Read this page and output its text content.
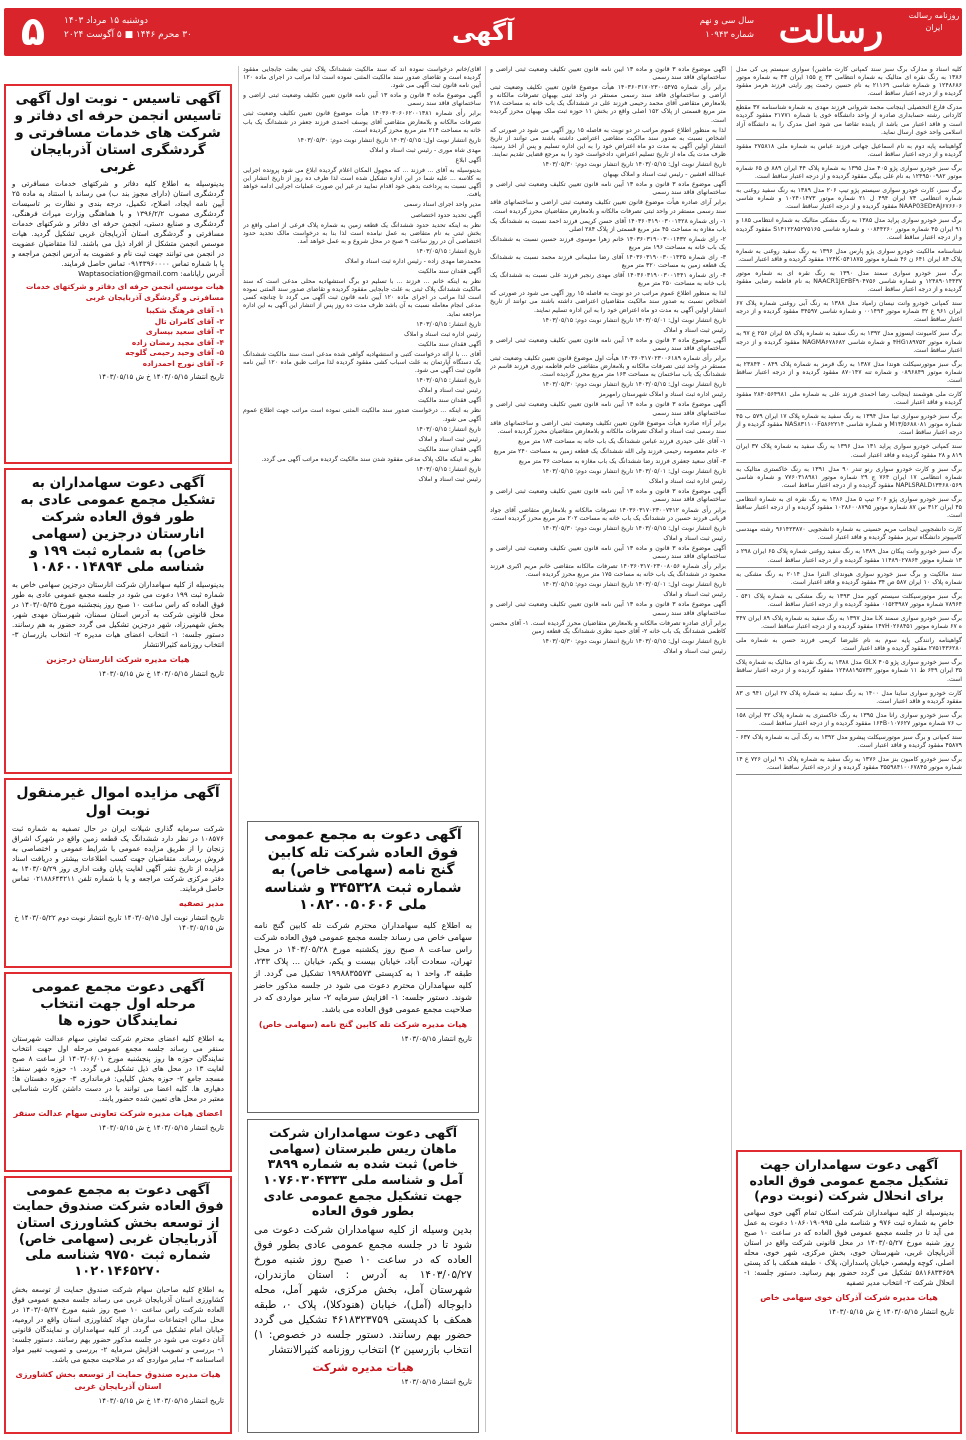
روزنامه رسالت ایران
رسالت
سال سی و نهم
شماره ۱۰۹۴۳
آگهی
دوشنبه ۱۵ مرداد ۱۴۰۳
۳۰ محرم ۱۴۴۶ ■ ۵ آگوست ۲۰۲۴
۵

کلیه اسناد و مدارک برگ سبز سند کمپانی کارت ماشین) سواری سیستم پی کی مدل ۱۳۸۶ به رنگ نقره ای متالیک به شماره انتظامی ۳۳ ج ۱۵۵ ایران ۴۳ به شماره موتور ۱۲۴۸۶۸۶ و شماره شاسی ۲۱۱۶۹ به نام حسین رحمت پور رایتی فرزند هرمز مفقود گردیده و از درجه اعتبار ساقط است.

مدرک فارغ التحصیلی اینجانب محمد شروانی فرزند مهدی به شماره شناسنامه ۳۷ مقطع کاردانی رشته حسابداری صادره از واحد دانشگاه خوی با شماره ۲۱۷۷۱ مفقود گردیده است و فاقد اعتبار می باشد از یابنده تقاضا می شود اصل مدرک را به دانشگاه آزاد اسلامی واحد خوی ارسال نماید.

گواهینامه پایه دوم به نام اسماعیل جهانی فرزند عباس به شماره ملی ۲۷۵۸۱۸ مفقود گردیده و از درجه اعتبار ساقط است.

برگ سبز خودرو سواری پژو ۴۰۵ مدل ۱۳۹۵ به شماره پلاک ۴۴ ایران ۸۸۹ ق ۶۵ شماره موتور ۱۲۴۹۵۰۰۹۸۲ به نام علی بیگی مفقود گردیده و از درجه اعتبار ساقط است.

برگ سبز، کارت خودرو سواری سیستم پژو تیپ ۲۰۶ مدل ۱۳۸۹ به رنگ سفید روغنی به شماره انتظامی ۷۳ ایران ۴۹۴ ل ۲۱ شماره موتور ۱۰۲۴۰۱۴۷۳ و شماره شاسی NAAP03ED۴AJ۶۷۶۶۰۶ مفقود گردیده و از درجه اعتبار ساقط است.

برگ سبز خودرو سواری پراید مدل ۱۳۸۵ به رنگ مشکی متالیک به شماره انتظامی ۱۸۵ و ۹۱ ایران ۴۵ شماره موتور ۰۰۸۴۴۲۶۰ و شماره شاسی S۱۴۱۲۲۸۵۲۷۵۱۶۵ مفقود گردیده و از درجه اعتبار ساقط است.

شناسنامه مالکیت خودرو سواری پژو پارس مدل ۱۳۹۶ به رنگ سفید روغنی به شماره پلاک ۸۴ ایران ۶۴۱ ن ۴۶ شماره موتور ۱۲۴K۰۵۴۱۸۷۵ مفقود گردیده و فاقد اعتبار است.

برگ سبز خودرو سواری سمند مدل ۱۳۹۰ به رنگ نقره ای به شماره موتور ۱۲۴۸۹۰۱۴۴۳۷ و شماره شاسی NAACR1JE۳BF۹۰۴۷۵۶ به نام فاطمه رضایی مفقود گردیده و از درجه اعتبار ساقط است.

سند کمپانی خودرو وانت نیسان زامیاد مدل ۱۳۸۸ به رنگ آبی روغنی شماره پلاک ۶۷ ایران ۹۶۱ ع ۳۲ شماره موتور ۰۰۱۴۹۴ و شماره شاسی ۳۴۵۹۷ مفقود گردیده و از درجه اعتبار ساقط است.

برگ سبز کامیونت ایسوزو مدل ۱۳۹۲ به رنگ سفید به شماره پلاک ۵۸ ایران ۲۵۶ ع ۹۷ به شماره موتور ۴HG۱۸۹۷۵۲ و شماره شاسی NAGMA۶۷۸۶۸۲ مفقود گردیده و از درجه اعتبار ساقط است.

برگ سبز موتورسیکلت هوندا مدل ۱۳۸۷ به رنگ قرمز به شماره پلاک ۸۴۹ - ۲۳۸۴۴ به شماره موتور ۰۸۹۶۸۴۹ و شماره تنه ۸۷۰۱۴۷ مفقود گردیده و از درجه اعتبار ساقط است.

کارت ملی هوشمند اینجانب رضا احمدی فرزند علی به شماره ملی ۲۸۴۰۵۶۴۹۸۱ مفقود گردیده و فاقد اعتبار است.

برگ سبز خودرو سواری تیبا مدل ۱۳۹۴ به رنگ سفید به شماره پلاک ۱۷ ایران ۵۷۹ ب ۴۵ شماره موتور M۱۳/۵۶۸۸۰۸۱ و شماره شاسی NAS۸۳۱۱۰۰F۵۸۶۲۲۱۴ مفقود گردیده و از درجه اعتبار ساقط است.

سند کمپانی خودرو سواری پراید ۱۳۱ مدل ۱۳۹۶ به رنگ سفید به شماره پلاک ۳۷ ایران ۸۱۹ و ۲۸ مفقود گردیده و فاقد اعتبار است.

برگ سبز و کارت خودرو سواری رنو تندر ۹۰ مدل ۱۳۹۱ به رنگ خاکستری متالیک به شماره انتظامی ۱۷ ایران ۷۶۴ ج ۲۹ شماره موتور ۷۷۶۰۳۱۸۹۸۱ و شماره شاسی NAPLSRALD۱۳۴۶۸۰۵۶۹ مفقود گردیده و از درجه اعتبار ساقط است.

برگ سبز خودرو سواری پژو ۲۰۶ تیپ ۵ مدل ۱۳۸۶ به رنگ نقره ای به شماره انتظامی ۴۵ ایران ۳۱۲ س ۸۷ شماره موتور ۱۰۲۸۶۰۰۸۷۹۵ مفقود گردیده و از درجه اعتبار ساقط است.

کارت دانشجویی اینجانب مریم حسینی به شماره دانشجویی ۹۶۱۴۲۳۸۷۰ رشته مهندسی کامپیوتر دانشگاه تبریز مفقود گردیده و فاقد اعتبار است.

برگ سبز خودرو وانت پیکان مدل ۱۳۸۹ به رنگ سفید روغنی شماره پلاک ۶۵ ایران ۲۹۸ د ۱۳ شماره موتور ۱۱۴۸۹۰۲۷۸۶۴ مفقود گردیده و از درجه اعتبار ساقط است.

سند مالکیت و برگ سبز خودرو سواری هیوندای النترا مدل ۲۰۱۴ به رنگ مشکی به شماره پلاک ۱۰ ایران ۵۸۷ ص ۳۴ مفقود گردیده و فاقد اعتبار است.

برگ سبز موتورسیکلت سیستم کویر مدل ۱۳۹۳ به رنگ مشکی به شماره پلاک ۵۴۱ - ۷۸۹۶۴ شماره موتور ۰۱۵۲۳۹۸۷ مفقود گردیده و از درجه اعتبار ساقط است.

برگ سبز خودرو سواری سمند LX مدل ۱۳۹۷ به رنگ سفید به شماره پلاک ۸۹ ایران ۳۴۷ ه ۶۷ شماره موتور ۱۴۷H۰۲۶۸۴۵۱ مفقود گردیده و از درجه اعتبار ساقط است.

گواهینامه رانندگی پایه سوم به نام علیرضا کریمی فرزند حسن به شماره ملی ۲۷۵۱۴۳۶۲۸۰ مفقود گردیده و فاقد اعتبار است.

برگ سبز خودرو سواری پژو ۴۰۵ GLX مدل ۱۳۸۸ به رنگ نقره ای متالیک به شماره پلاک ۳۵ ایران ۶۴۹ ط ۱۱ شماره موتور ۱۲۴۸۸۱۹۵۷۳۲ مفقود گردیده و از درجه اعتبار ساقط است.

کارت خودرو سواری ساینا مدل ۱۴۰۰ به رنگ سفید به شماره پلاک ۲۷ ایران ۹۴۱ ی ۸۳ مفقود گردیده و فاقد اعتبار است.

برگ سبز خودرو سواری رانا مدل ۱۳۹۵ به رنگ خاکستری به شماره پلاک ۴۲ ایران ۱۵۸ ب ۷۶ شماره موتور ۱۶۴B۰۱۰۷۶۲۷ مفقود گردیده و از درجه اعتبار ساقط است.

سند کمپانی و برگ سبز موتورسیکلت پیشرو مدل ۱۳۹۲ به رنگ آبی به شماره پلاک ۶۳۷ - ۴۵۸۷۹ مفقود گردیده و فاقد اعتبار است.

برگ سبز خودرو کامیون بنز مدل ۱۳۷۶ به رنگ سفید به شماره پلاک ۹۱ ایران ۷۲۶ ع ۱۴ شماره موتور ۳۵۵۹۸۴۱۰۰۶۷۸۴۵ مفقود گردیده و از درجه اعتبار ساقط است.

آگهی دعوت سهامداران جهت تشکیل مجمع عمومی فوق العاده برای انحلال شرکت (نوبت دوم)
بدینوسیله از کلیه سهامداران شرکت اسکان تمام آگهی خوی سهامی خاص به شماره ثبت ۹۷۶ و شناسه ملی ۱۰۸۶۰۱۹۰۹۹۵ دعوت به عمل می آید تا در جلسه مجمع عمومی فوق العاده که در ساعت ۱۰ صبح روز شنبه مورخ ۱۴۰۳/۰۵/۲۷ در محل قانونی شرکت واقع در استان آذربایجان غربی، شهرستان خوی، بخش مرکزی، شهر خوی، محله اصلی، کوچه ولیعصر، خیابان پاسداران، پلاک ۰ طبقه همکف با کد پستی ۵۸۱۶۸۳۳۶۵۹ تشکیل می گردد حضور بهم رسانید. دستور جلسه: ۱- انحلال شرکت ۲- انتخاب مدیر تصفیه
هیات مدیره شرکت آذرکان خوی سهامی خاص
تاریخ انتشار ۱۴۰۳/۰۵/۱۵ خ ش ۱۴۰۳/۰۵/۱۵

آگهی موضوع ماده ۳ قانون و ماده ۱۳ آیین نامه قانون تعیین تکلیف وضعیت ثبتی اراضی و ساختمانهای فاقد سند رسمی

برابر رأی شماره ۱۴۰۳۶۰۳۱۷۰۲۳۰۰۵۴۷۵ هیأت موضوع قانون تعیین تکلیف وضعیت ثبتی اراضی و ساختمانهای فاقد سند رسمی مستقر در واحد ثبتی بهبهان تصرفات مالکانه و بلامعارض متقاضی آقای محمد رحیمی فرزند علی در ششدانگ یک باب خانه به مساحت ۲۱۸ متر مربع قسمتی از پلاک ۱۵۲ اصلی واقع در بخش ۱۱ حوزه ثبت ملک بهبهان محرز گردیده است.

لذا به منظور اطلاع عموم مراتب در دو نوبت به فاصله ۱۵ روز آگهی می شود در صورتی که اشخاص نسبت به صدور سند مالکیت متقاضی اعتراضی داشته باشند می توانند از تاریخ انتشار اولین آگهی به مدت دو ماه اعتراض خود را به این اداره تسلیم و پس از اخذ رسید، ظرف مدت یک ماه از تاریخ تسلیم اعتراض، دادخواست خود را به مرجع قضایی تقدیم نمایند.

تاریخ انتشار نوبت اول: ۱۴۰۳/۰۵/۱۵ تاریخ انتشار نوبت دوم: ۱۴۰۳/۰۵/۳۰

عبدالله افشین - رئیس ثبت اسناد و املاک بهبهان

آگهی موضوع ماده ۳ قانون و ماده ۱۳ آیین نامه قانون تعیین تکلیف وضعیت ثبتی اراضی و ساختمانهای فاقد سند رسمی

برابر آرای صادره هیأت موضوع قانون تعیین تکلیف وضعیت ثبتی اراضی و ساختمانهای فاقد سند رسمی مستقر در واحد ثبتی تصرفات مالکانه و بلامعارض متقاضیان محرز گردیده است.

۱- رای شماره ۱۴۰۳۶۰۳۱۹۰۰۳۰۰۱۴۲۸ آقای حسن کریمی فرزند احمد نسبت به ششدانگ یک باب مغازه به مساحت ۴۵ متر مربع قسمتی از پلاک ۲۸۴ اصلی

۲- رای شماره ۱۴۰۳۶۰۳۱۹۰۰۳۰۰۱۴۳۲ خانم زهرا موسوی فرزند حسین نسبت به ششدانگ یک باب خانه به مساحت ۱۹۶ متر مربع

۳- رای شماره ۱۴۰۳۶۰۳۱۹۰۰۳۰۰۱۴۳۵ آقای رضا سلیمانی فرزند محمد نسبت به ششدانگ یک قطعه زمین به مساحت ۳۲۰ متر مربع

۴- رای شماره ۱۴۰۳۶۰۳۱۹۰۰۳۰۰۱۴۴۱ آقای مهدی رنجبر فرزند علی نسبت به ششدانگ یک باب خانه به مساحت ۲۵۰ متر مربع

لذا به منظور اطلاع عموم مراتب در دو نوبت به فاصله ۱۵ روز آگهی می شود در صورتی که اشخاص نسبت به صدور سند مالکیت متقاضیان اعتراضی داشته باشند می توانند از تاریخ انتشار اولین آگهی به مدت دو ماه اعتراض خود را به این اداره تسلیم نمایند.

تاریخ انتشار نوبت اول: ۱۴۰۳/۰۵/۰۱ تاریخ انتشار نوبت دوم: ۱۴۰۳/۰۵/۱۵

رئیس ثبت اسناد و املاک

آگهی موضوع ماده ۳ قانون و ماده ۱۳ آیین نامه قانون تعیین تکلیف وضعیت ثبتی اراضی و ساختمانهای فاقد سند رسمی

برابر رأی شماره ۱۴۰۳۶۰۳۱۷۰۲۳۰۰۶۱۸۹ هیأت اول موضوع قانون تعیین تکلیف وضعیت ثبتی مستقر در واحد ثبتی تصرفات مالکانه و بلامعارض متقاضی خانم فاطمه نوری فرزند قاسم در ششدانگ یک باب ساختمان به مساحت ۱۶۳ متر مربع محرز گردیده است.

تاریخ انتشار نوبت اول: ۱۴۰۳/۰۵/۱۵ تاریخ انتشار نوبت دوم: ۱۴۰۳/۰۵/۳۰

رئیس اداره ثبت اسناد و املاک شهرستان رامهرمز

آگهی موضوع ماده ۳ قانون و ماده ۱۳ آیین نامه قانون تعیین تکلیف وضعیت ثبتی اراضی و ساختمانهای فاقد سند رسمی

برابر آراء صادره هیأت موضوع قانون تعیین تکلیف وضعیت ثبتی اراضی و ساختمانهای فاقد سند رسمی ثبت اسناد و املاک تصرفات مالکانه و بلامعارض متقاضیان محرز گردیده است.

۱- آقای علی حیدری فرزند عباس ششدانگ یک باب خانه به مساحت ۱۸۴ متر مربع

۲- خانم معصومه رحیمی فرزند ولی الله ششدانگ یک قطعه زمین به مساحت ۲۴۰ متر مربع

۳- آقای سعید جعفری فرزند رضا ششدانگ یک باب مغازه به مساحت ۳۶ متر مربع

تاریخ انتشار نوبت اول: ۱۴۰۳/۰۵/۰۱ تاریخ انتشار نوبت دوم: ۱۴۰۳/۰۵/۱۵

رئیس اداره ثبت اسناد و املاک

آگهی موضوع ماده ۳ قانون و ماده ۱۳ آیین نامه قانون تعیین تکلیف وضعیت ثبتی اراضی و ساختمانهای فاقد سند رسمی

برابر رأی شماره ۱۴۰۳۶۰۳۱۷۰۲۳۰۰۷۴۱۲ تصرفات مالکانه و بلامعارض متقاضی آقای جواد قربانی فرزند حسین در ششدانگ یک باب خانه به مساحت ۲۰۲ متر مربع محرز گردیده است.

تاریخ انتشار نوبت اول: ۱۴۰۳/۰۵/۱۵ تاریخ انتشار نوبت دوم: ۱۴۰۳/۰۵/۳۰

رئیس ثبت اسناد و املاک

آگهی موضوع ماده ۳ قانون و ماده ۱۳ آیین نامه قانون تعیین تکلیف وضعیت ثبتی اراضی و ساختمانهای فاقد سند رسمی

برابر رأی شماره ۱۴۰۳۶۰۳۱۷۰۲۳۰۰۸۰۵۶ تصرفات مالکانه متقاضی خانم مریم اکبری فرزند محمود در ششدانگ یک باب خانه به مساحت ۱۷۵ متر مربع محرز گردیده است.

تاریخ انتشار نوبت اول: ۱۴۰۳/۰۵/۰۱ تاریخ انتشار نوبت دوم: ۱۴۰۳/۰۵/۱۵

رئیس ثبت اسناد و املاک

آگهی موضوع ماده ۳ قانون و ماده ۱۳ آیین نامه قانون تعیین تکلیف وضعیت ثبتی اراضی و ساختمانهای فاقد سند رسمی

برابر آرای صادره تصرفات مالکانه و بلامعارض متقاضیان محرز گردیده است. ۱- آقای محسن کاظمی ششدانگ یک باب خانه ۲- آقای حمید نظری ششدانگ یک قطعه زمین

تاریخ انتشار نوبت اول: ۱۴۰۳/۰۵/۱۵ تاریخ انتشار نوبت دوم: ۱۴۰۳/۰۵/۳۰

رئیس ثبت اسناد و املاک

آقای/خانم درخواست نموده اند که سند مالکیت ششدانگ پلاک ثبتی بعلت جابجایی مفقود گردیده است و تقاضای صدور سند مالکیت المثنی نموده است لذا مراتب در اجرای ماده ۱۲۰ آیین نامه قانون ثبت آگهی می شود.

آگهی موضوع ماده ۳ قانون و ماده ۱۳ آیین نامه قانون تعیین تکلیف وضعیت ثبتی اراضی و ساختمانهای فاقد سند رسمی

برابر رأی شماره ۱۴۰۳۶۰۳۰۶۰۶۲۰۰۱۳۸۱ هیأت موضوع قانون تعیین تکلیف وضعیت ثبتی تصرفات مالکانه و بلامعارض متقاضی آقای یوسف احمدی فرزند جعفر در ششدانگ یک باب خانه به مساحت ۲۱۴ متر مربع محرز گردیده است.

تاریخ انتشار نوبت اول: ۱۴۰۳/۰۵/۱۵ تاریخ انتشار نوبت دوم: ۱۴۰۳/۰۵/۳۰

مهدی شاه موری - رئیس ثبت اسناد و املاک

آگهی ابلاغ

بدینوسیله به آقای ... فرزند ... که مجهول المکان اعلام گردیده ابلاغ می شود پرونده اجرایی به کلاسه ... علیه شما در این اداره تشکیل شده است لذا ظرف ده روز از تاریخ انتشار این آگهی نسبت به پرداخت بدهی خود اقدام نمایید در غیر این صورت عملیات اجرایی ادامه خواهد یافت.

مدیر واحد اجرای اسناد رسمی

آگهی تحدید حدود اختصاصی

نظر به اینکه تحدید حدود ششدانگ یک قطعه زمین به شماره پلاک فرعی از اصلی واقع در بخش ثبتی به نام متقاضی به عمل نیامده است لذا بنا به درخواست مالک تحدید حدود اختصاصی آن در روز ساعت ۹ صبح در محل شروع و به عمل خواهد آمد.

تاریخ انتشار: ۱۴۰۳/۰۵/۱۵

محمدرضا مهدی زاده - رئیس اداره ثبت اسناد و املاک

آگهی فقدان سند مالکیت

نظر به اینکه خانم ... فرزند ... با تسلیم دو برگ استشهادیه محلی مدعی است که سند مالکیت ششدانگ پلاک ثبتی به علت جابجایی مفقود گردیده و تقاضای صدور سند المثنی نموده است لذا مراتب در اجرای ماده ۱۲۰ آیین نامه قانون ثبت آگهی می گردد تا چنانچه کسی مدعی انجام معامله نسبت به آن باشد ظرف مدت ده روز پس از انتشار این آگهی به این اداره مراجعه نماید.

تاریخ انتشار: ۱۴۰۳/۰۵/۱۵

رئیس اداره ثبت اسناد و املاک

آگهی فقدان سند مالکیت

آقای ... با ارائه درخواست کتبی و استشهادیه گواهی شده مدعی است سند مالکیت ششدانگ یک دستگاه آپارتمان به علت اسباب کشی مفقود گردیده لذا مراتب طبق ماده ۱۲۰ آیین نامه قانون ثبت آگهی می شود.

تاریخ انتشار: ۱۴۰۳/۰۵/۱۵

رئیس ثبت اسناد و املاک

آگهی فقدان سند مالکیت

نظر به اینکه ... درخواست صدور سند مالکیت المثنی نموده است مراتب جهت اطلاع عموم آگهی می شود.

تاریخ انتشار: ۱۴۰۳/۰۵/۱۵

رئیس ثبت اسناد و املاک

آگهی فقدان سند مالکیت

نظر به اینکه مالک پلاک مدعی مفقود شدن سند مالکیت گردیده مراتب آگهی می گردد.

تاریخ انتشار: ۱۴۰۳/۰۵/۱۵

رئیس ثبت اسناد و املاک

آگهی دعوت به مجمع عمومی فوق العاده شرکت تله کابین گنج نامه (سهامی خاص) به شماره ثبت ۳۴۵۳۲۸ و شناسه ملی ۱۰۸۲۰۰۵۰۶۰۶
به اطلاع کلیه سهامداران محترم شرکت تله کابین گنج نامه سهامی خاص می رساند جلسه مجمع عمومی فوق العاده شرکت راس ساعت ۸ صبح روز یکشنبه مورخ ۱۴۰۳/۰۵/۲۸ در محل تهران، سعادت آباد، خیابان بیست و یکم، خیابان ... پلاک ۲۳۳، طبقه ۳، واحد ۱ به کدپستی ۱۹۹۸۸۳۵۵۷۳ تشکیل می گردد. از کلیه سهامداران محترم دعوت می شود در جلسه مذکور حاضر شوند. دستور جلسه: ۱- افزایش سرمایه ۲- سایر مواردی که در صلاحیت مجمع عمومی فوق العاده می باشد.
هیات مدیره شرکت تله کابین گنج نامه (سهامی خاص)
تاریخ انتشار ۱۴۰۳/۰۵/۱۵
آگهی دعوت سهامداران شرکت ماهان ریس طبرستان (سهامی خاص) ثبت شده به شماره ۳۸۹۹ آمل و شناسه ملی ۱۰۷۶۰۳۰۴۳۳۳ جهت تشکیل مجمع عمومی عادی بطور فوق العاده
بدین وسیله از کلیه سهامداران شرکت دعوت می شود تا در جلسه مجمع عمومی عادی بطور فوق العاده که در ساعت ۱۰ صبح روز شنبه مورخ ۱۴۰۳/۰۵/۲۷ به آدرس : استان مازندران، شهرستان آمل، بخش مرکزی، شهر آمل، محله دابوجاله (آمل)، خیابان (هنودکلا)، پلاک ۰، طبقه همکف با کدپستی ۴۶۱۸۳۲۳۷۵۹ تشکیل می گردد حضور بهم رسانند. دستور جلسه در خصوص: ۱) انتخاب بازرسین ۲) انتخاب روزنامه کثیرالانتشار
هیات مدیره شرکت
تاریخ انتشار ۱۴۰۳/۰۵/۱۵
آگهی تاسیس - نوبت اول آگهی تاسیس انجمن حرفه ای دفاتر و شرکت های خدمات مسافرتی و گردشگری استان آذربایجان غربی
بدینوسیله به اطلاع کلیه دفاتر و شرکتهای خدمات مسافرتی و گردشگری استان (دارای مجوز بند ب) می رساند با استناد به ماده ۲۵ آیین نامه ایجاد، اصلاح، تکمیل، درجه بندی و نظارت بر تاسیسات گردشگری مصوب ۱۳۹۶/۲/۲ و با هماهنگی وزارت میراث فرهنگی، گردشگری و صنایع دستی، انجمن حرفه ای دفاتر و شرکتهای خدمات مسافرتی و گردشگری استان آذربایجان غربی تشکیل گردید. هیات موسس انجمن متشکل از افراد ذیل می باشند. لذا متقاضیان عضویت در انجمن می توانند جهت ثبت نام و عضویت به آدرس انجمن مراجعه و یا با شماره تماس ۰۹۱۴۳۹۶۰۰۰۰ تماس حاصل فرمایند.
Waptasociation@gmail.com :آدرس رایانامه
هیات موسس انجمن حرفه ای دفاتر و شرکتهای خدمات مسافرتی و گردشگری آذربایجان غربی
۱- آقای فرهنگ شکیبا
۲- آقای کامران تال
۳- آقای سعید بیساری
۴- آقای مجید رمضان زاده
۵- آقای وحید رحیمی گلوجه
۶- آقای نورج احمدزاده
تاریخ انتشار ۱۴۰۳/۰۵/۱۵ خ ش ۱۴۰۳/۰۵/۱۵
آگهی دعوت سهامداران به تشکیل مجمع عمومی عادی به طور فوق العاده شرکت انارستان درجزین (سهامی خاص) به شماره ثبت ۱۹۹ و شناسه ملی ۱۰۸۶۰۰۱۴۸۹۴
بدینوسیله از کلیه سهامداران شرکت انارستان درجزین سهامی خاص به شماره ثبت ۱۹۹ دعوت می شود در جلسه مجمع عمومی عادی به طور فوق العاده که راس ساعت ۱۰ صبح روز پنجشنبه مورخ ۱۴۰۳/۰۵/۲۵ در محل قانونی شرکت به آدرس استان سمنان، شهرستان مهدی شهر، بخش شهمیرزاد، شهر درجزین تشکیل می گردد حضور به هم رسانند. دستور جلسه: ۱- انتخاب اعضای هیات مدیره ۲- انتخاب بازرسان ۳- انتخاب روزنامه کثیرالانتشار
هیات مدیره شرکت انارستان درجزین
تاریخ انتشار ۱۴۰۳/۰۵/۱۵ خ ش ۱۴۰۳/۰۵/۱۵
آگهی مزایده اموال غیرمنقول نوبت اول
شرکت سرمایه گذاری شیلات ایران در حال تصفیه به شماره ثبت ۱۰۸۵۷۶ در نظر دارد ششدانگ یک قطعه زمین واقع در شهرک اشراق زنجان را از طریق مزایده عمومی با شرایط عمومی و اختصاصی به فروش برساند. متقاضیان جهت کسب اطلاعات بیشتر و دریافت اسناد مزایده از تاریخ نشر آگهی لغایت پایان وقت اداری روز ۱۴۰۳/۰۵/۲۹ به دفتر مرکزی شرکت مراجعه و یا با شماره تلفن ۰۲۱۸۸۶۴۴۲۱۱ تماس حاصل فرمایند.
مدیر تصفیه
تاریخ انتشار نوبت اول ۱۴۰۳/۰۵/۱۵ تاریخ انتشار نوبت دوم ۱۴۰۳/۰۵/۲۲ خ ش ۱۴۰۳/۰۵/۱۵
آگهی دعوت مجمع عمومی مرحله اول جهت انتخاب نمایندگان حوزه ها
به اطلاع کلیه اعضای محترم شرکت تعاونی سهام عدالت شهرستان سنقر می رساند جلسه مجمع عمومی مرحله اول جهت انتخاب نمایندگان حوزه ها روز پنجشنبه مورخ ۱۴۰۳/۰۶/۰۱ از ساعت ۸ صبح لغایت ۱۳ در محل های ذیل تشکیل می گردد. ۱- حوزه شهر سنقر: مسجد جامع ۲- حوزه بخش کلیایی: فرمانداری ۳- حوزه دهستان ها: دهیاری ها. کلیه اعضا می توانند با در دست داشتن کارت شناسایی معتبر در محل های تعیین شده حضور یابند.
اعضای هیات مدیره شرکت تعاونی سهام عدالت سنقر
تاریخ انتشار ۱۴۰۳/۰۵/۱۵ خ ش ۱۴۰۳/۰۵/۱۵
آگهی دعوت به مجمع عمومی فوق العاده شرکت صندوق حمایت از توسعه بخش کشاورزی استان آذربایجان غربی (سهامی خاص) شماره ثبت ۹۷۵۰ شناسه ملی ۱۰۲۰۱۴۶۵۲۷۰
به اطلاع کلیه صاحبان سهام شرکت صندوق حمایت از توسعه بخش کشاورزی استان آذربایجان غربی می رساند جلسه مجمع عمومی فوق العاده شرکت راس ساعت ۱۰ صبح روز شنبه مورخ ۱۴۰۳/۰۵/۲۷ در محل سالن اجتماعات سازمان جهاد کشاورزی استان واقع در ارومیه، خیابان امام تشکیل می گردد. از کلیه سهامداران و نمایندگان قانونی آنان دعوت می شود در جلسه مذکور حضور بهم رسانند. دستور جلسه: ۱- بررسی و تصویب افزایش سرمایه ۲- بررسی و تصویب تغییر مواد اساسنامه ۳- سایر مواردی که در صلاحیت مجمع می باشد.
هیات مدیره صندوق حمایت از توسعه بخش کشاورزی استان آذربایجان غربی
تاریخ انتشار ۱۴۰۳/۰۵/۱۵ خ ش ۱۴۰۳/۰۵/۱۵
